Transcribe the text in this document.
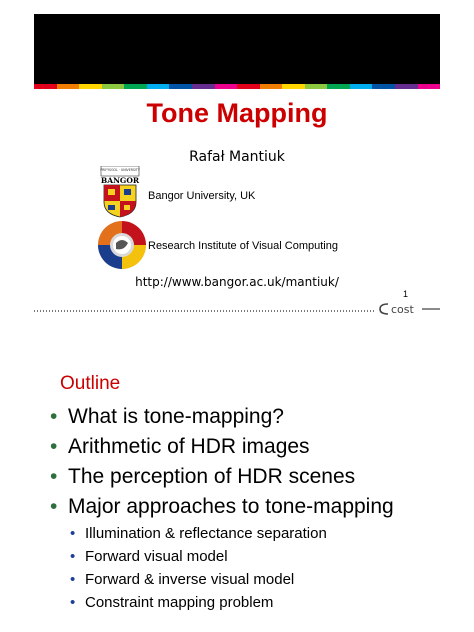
Tone Mapping
Rafał Mantiuk
PRIFYSGOL · UNIVERSITY
BANGOR
Bangor University, UK
Research Institute of Visual Computing
http://www.bangor.ac.uk/mantiuk/
1
cost
Outline
• What is tone-mapping?
• Arithmetic of HDR images
• The perception of HDR scenes
• Major approaches to tone-mapping
• Illumination & reflectance separation
• Forward visual model
• Forward & inverse visual model
• Constraint mapping problem
